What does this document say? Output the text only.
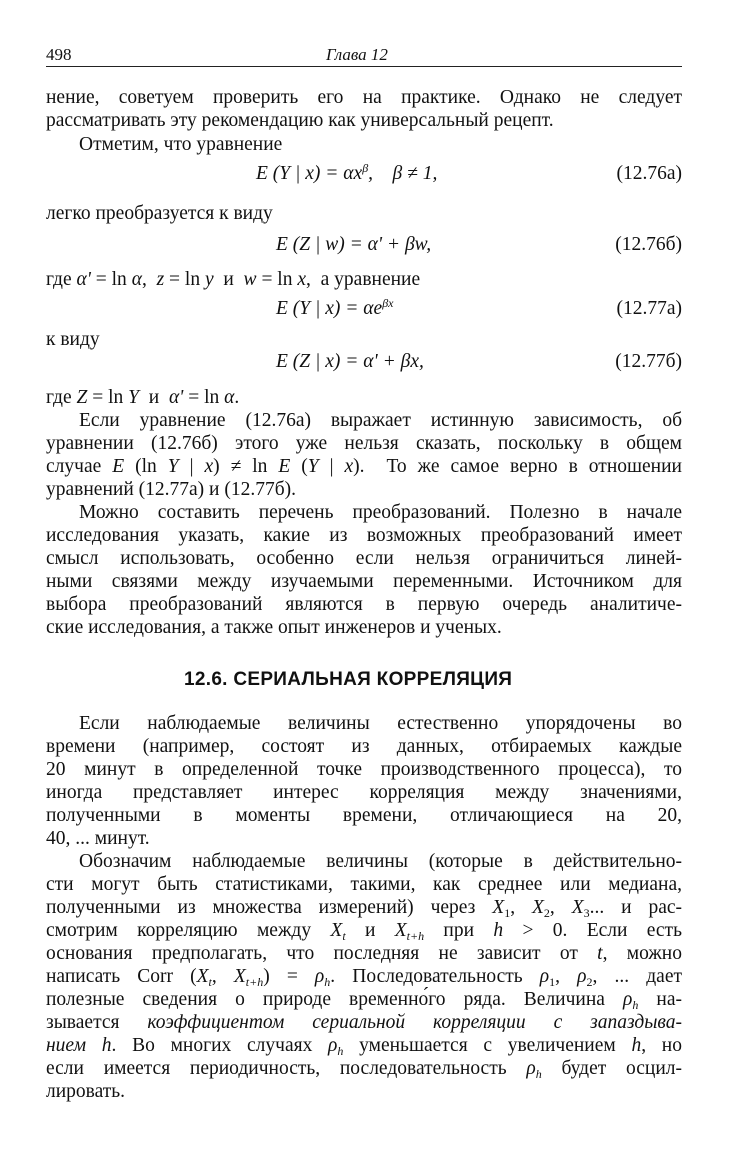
498	Глава 12
нение, советуем проверить его на практике. Однако не следует
рассматривать эту рекомендацию как универсальный рецепт.
Отметим, что уравнение
E (Y | $x) = \alpha x^\beta$,    β ≠ 1,	(12.76а)
легко преобразуется к виду
E (Z | w) = α' + βw,	(12.76б)
где α' = ln α,  z = ln y  и  w = ln x,  а уравнение
E (Y | $x) = \alpha e^{\beta x}$	(12.77а)
к виду
E (Z | x) = α' + βx,	(12.77б)
где Z = ln Y  и  α' = ln α.
Если уравнение (12.76а) выражает истинную зависимость, об
уравнении (12.76б) этого уже нельзя сказать, поскольку в общем
случае E (ln Y | x) ≠ ln E (Y | x).  То же самое верно в отношении
уравнений (12.77а) и (12.77б).
Можно составить перечень преобразований. Полезно в начале
исследования указать, какие из возможных преобразований имеет
смысл использовать, особенно если нельзя ограничиться линей-
ными связями между изучаемыми переменными. Источником для
выбора преобразований являются в первую очередь аналитиче-
ские исследования, а также опыт инженеров и ученых.
12.6. СЕРИАЛЬНАЯ КОРРЕЛЯЦИЯ
Если наблюдаемые величины естественно упорядочены во
времени (например, состоят из данных, отбираемых каждые
20 минут в определенной точке производственного процесса), то
иногда представляет интерес корреляция между значениями,
полученными в моменты времени, отличающиеся на 20,
40, ... минут.
Обозначим наблюдаемые величины (которые в действительно-
сти могут быть статистиками, такими, как среднее или медиана,
полученными из множества измерений) через $X_1$, $X_2$, $X_3$... и рас-
смотрим корреляцию между $X_t$ и $X_{t+h}$ при h > 0. Если есть
основания предполагать, что последняя не зависит от t, можно
написать Corr ($X_t$, $X_{t+h}) = \rho_h$. Последовательность $\rho_1$, $\rho_2$, ... дает
полезные сведения о природе временно́го ряда. Величина $\rho_h$ на-
зывается коэффициентом сериальной корреляции с запаздыва-
нием h. Во многих случаях $\rho_h$ уменьшается с увеличением h, но
если имеется периодичность, последовательность $\rho_h$ будет осцил-
лировать.
